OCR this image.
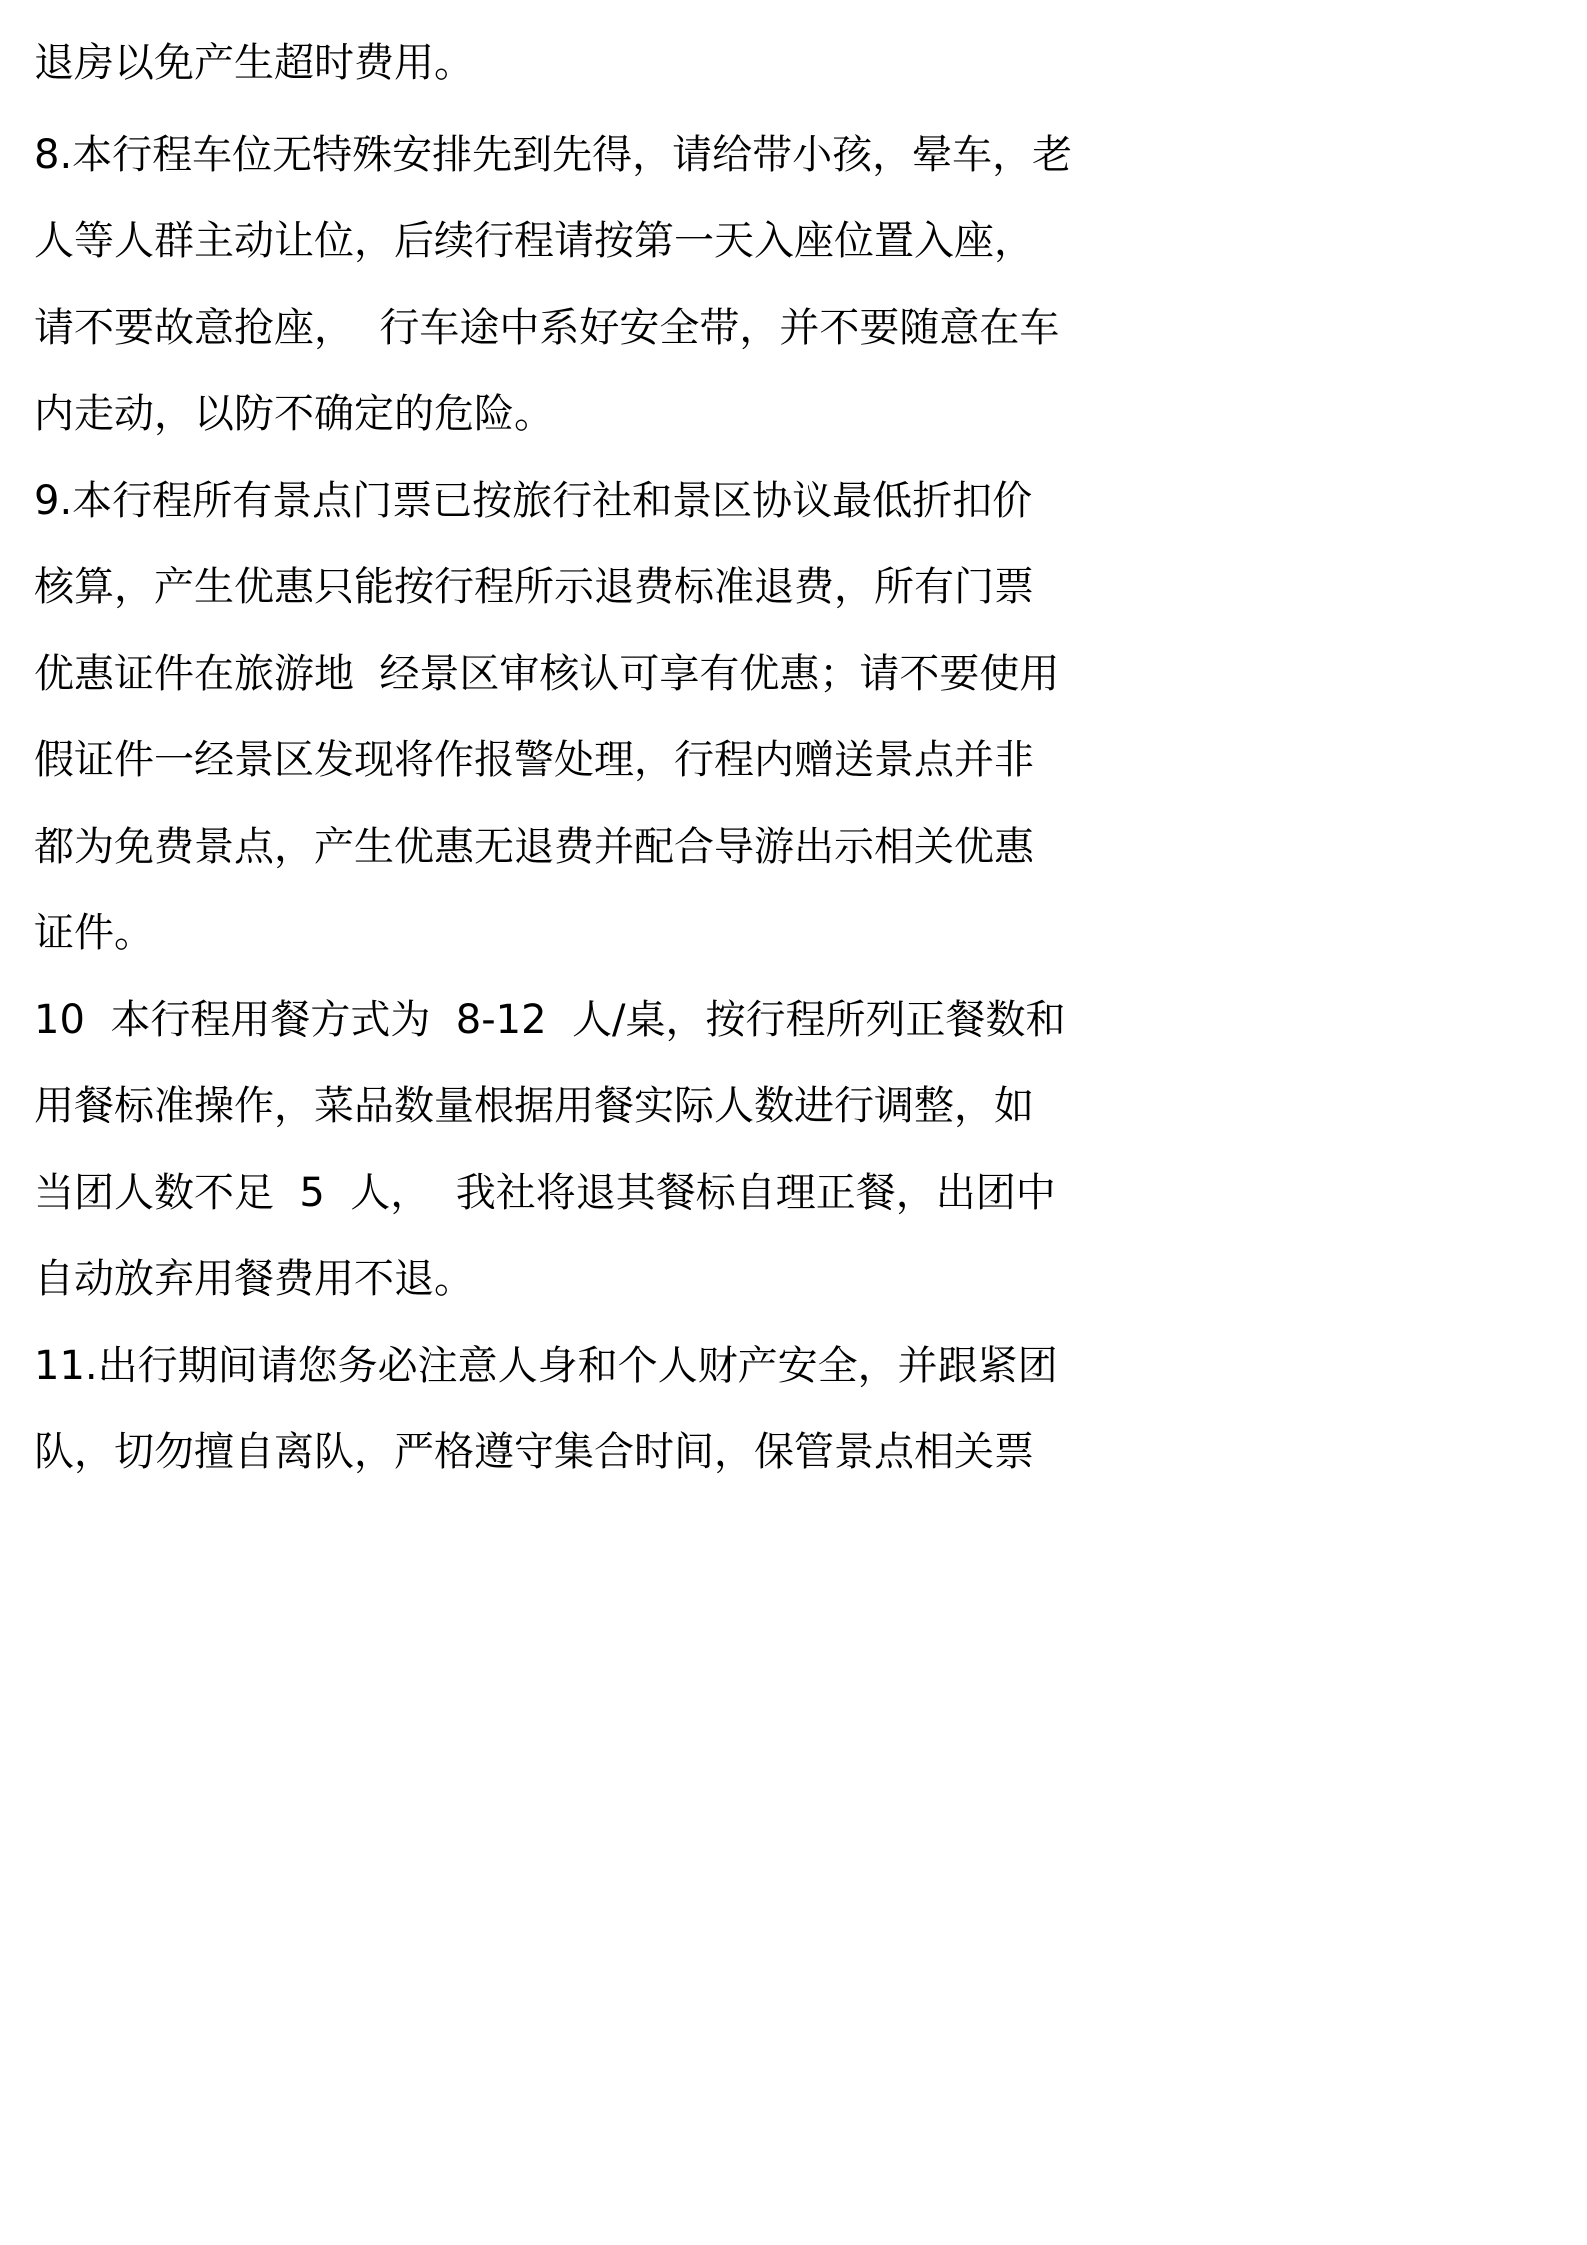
退房以免产生超时费用。
8.本行程车位无特殊安排先到先得，请给带小孩，晕车，老
人等人群主动让位，后续行程请按第一天入座位置入座，
请不要故意抢座，  行车途中系好安全带，并不要随意在车
内走动，以防不确定的危险。
9.本行程所有景点门票已按旅行社和景区协议最低折扣价
核算，产生优惠只能按行程所示退费标准退费，所有门票
优惠证件在旅游地  经景区审核认可享有优惠；请不要使用
假证件一经景区发现将作报警处理，行程内赠送景点并非
都为免费景点，产生优惠无退费并配合导游出示相关优惠
证件。
10  本行程用餐方式为  8-12  人/桌，按行程所列正餐数和
用餐标准操作，菜品数量根据用餐实际人数进行调整，如
当团人数不足  5  人，  我社将退其餐标自理正餐，出团中
自动放弃用餐费用不退。
11.出行期间请您务必注意人身和个人财产安全，并跟紧团
队，切勿擅自离队，严格遵守集合时间，保管景点相关票
